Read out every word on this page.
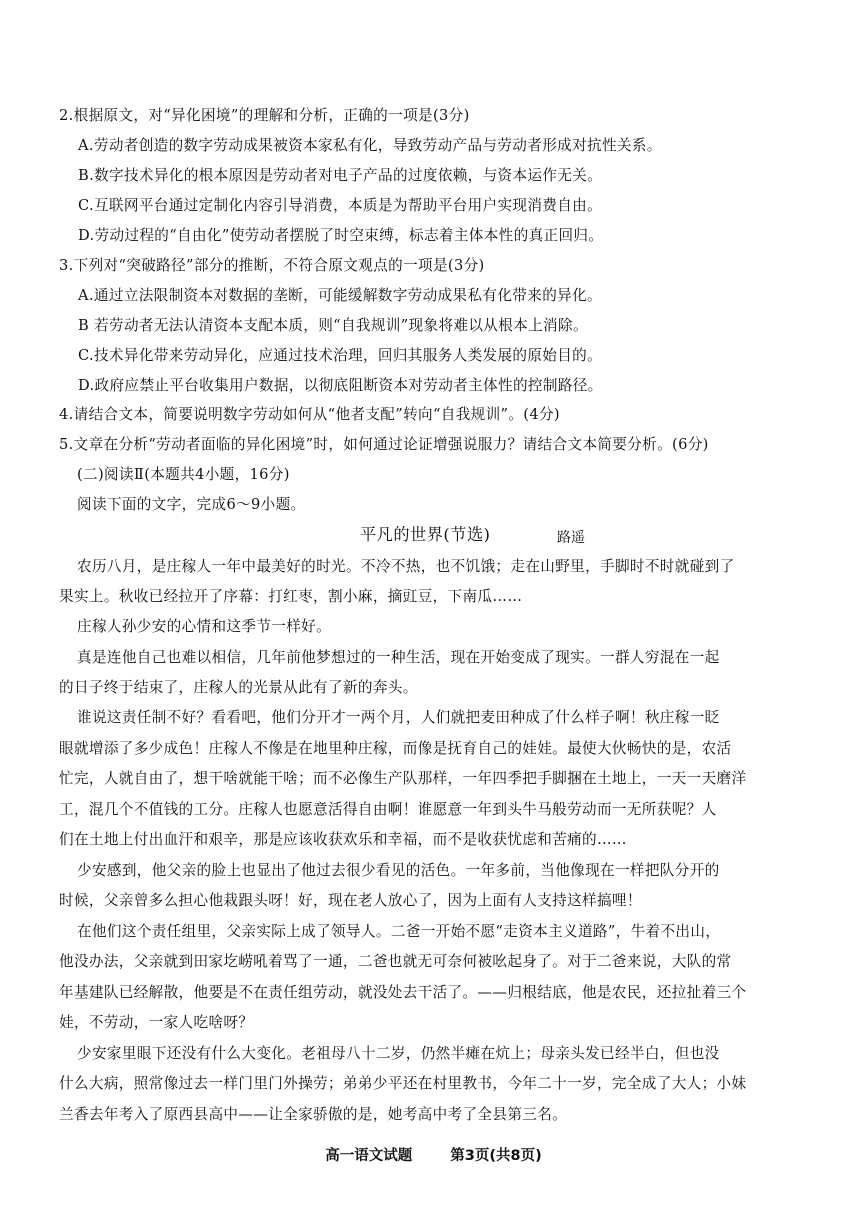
2.根据原文，对“异化困境”的理解和分析，正确的一项是(3分)
A.劳动者创造的数字劳动成果被资本家私有化，导致劳动产品与劳动者形成对抗性关系。
B.数字技术异化的根本原因是劳动者对电子产品的过度依赖，与资本运作无关。
C.互联网平台通过定制化内容引导消费，本质是为帮助平台用户实现消费自由。
D.劳动过程的“自由化”使劳动者摆脱了时空束缚，标志着主体本性的真正回归。
3.下列对“突破路径”部分的推断，不符合原文观点的一项是(3分)
A.通过立法限制资本对数据的垄断，可能缓解数字劳动成果私有化带来的异化。
B 若劳动者无法认清资本支配本质，则“自我规训”现象将难以从根本上消除。
C.技术异化带来劳动异化，应通过技术治理，回归其服务人类发展的原始目的。
D.政府应禁止平台收集用户数据，以彻底阻断资本对劳动者主体性的控制路径。
4.请结合文本，简要说明数字劳动如何从“他者支配”转向“自我规训”。(4分)
5.文章在分析“劳动者面临的异化困境”时，如何通过论证增强说服力？请结合文本简要分析。(6分)
(二)阅读Ⅱ(本题共4小题，16分)
阅读下面的文字，完成6～9小题。
平凡的世界(节选)	路遥
农历八月，是庄稼人一年中最美好的时光。不冷不热，也不饥饿；走在山野里，手脚时不时就碰到了
果实上。秋收已经拉开了序幕：打红枣，割小麻，摘豇豆，下南瓜……
庄稼人孙少安的心情和这季节一样好。
真是连他自己也难以相信，几年前他梦想过的一种生活，现在开始变成了现实。一群人穷混在一起
的日子终于结束了，庄稼人的光景从此有了新的奔头。
谁说这责任制不好？看看吧，他们分开才一两个月，人们就把麦田种成了什么样子啊！秋庄稼一眨
眼就增添了多少成色！庄稼人不像是在地里种庄稼，而像是抚育自己的娃娃。最使大伙畅快的是，农活
忙完，人就自由了，想干啥就能干啥；而不必像生产队那样，一年四季把手脚捆在土地上，一天一天磨洋
工，混几个不值钱的工分。庄稼人也愿意活得自由啊！谁愿意一年到头牛马般劳动而一无所获呢？人
们在土地上付出血汗和艰辛，那是应该收获欢乐和幸福，而不是收获忧虑和苦痛的……
少安感到，他父亲的脸上也显出了他过去很少看见的活色。一年多前，当他像现在一样把队分开的
时候，父亲曾多么担心他栽跟头呀！好，现在老人放心了，因为上面有人支持这样搞哩！
在他们这个责任组里，父亲实际上成了领导人。二爸一开始不愿“走资本主义道路”，牛着不出山，
他没办法，父亲就到田家圪崂吼着骂了一通，二爸也就无可奈何被吆起身了。对于二爸来说，大队的常
年基建队已经解散，他要是不在责任组劳动，就没处去干活了。——归根结底，他是农民，还拉扯着三个
娃，不劳动，一家人吃啥呀？
少安家里眼下还没有什么大变化。老祖母八十二岁，仍然半瘫在炕上；母亲头发已经半白，但也没
什么大病，照常像过去一样门里门外操劳；弟弟少平还在村里教书，今年二十一岁，完全成了大人；小妹
兰香去年考入了原西县高中——让全家骄傲的是，她考高中考了全县第三名。
高一语文试题	第3页(共8页)
